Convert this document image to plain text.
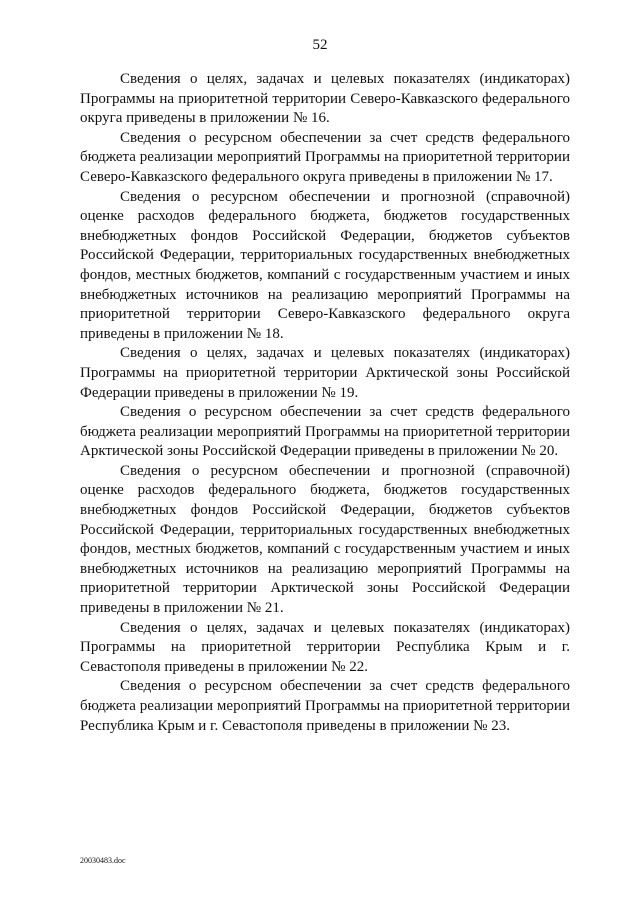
52

Сведения о целях, задачах и целевых показателях (индикаторах) Программы на приоритетной территории Северо-Кавказского федерального округа приведены в приложении № 16.

Сведения о ресурсном обеспечении за счет средств федерального бюджета реализации мероприятий Программы на приоритетной территории Северо-Кавказского федерального округа приведены в приложении № 17.

Сведения о ресурсном обеспечении и прогнозной (справочной) оценке расходов федерального бюджета, бюджетов государственных внебюджетных фондов Российской Федерации, бюджетов субъектов Российской Федерации, территориальных государственных внебюджетных фондов, местных бюджетов, компаний с государственным участием и иных внебюджетных источников на реализацию мероприятий Программы на приоритетной территории Северо-Кавказского федерального округа приведены в приложении № 18.

Сведения о целях, задачах и целевых показателях (индикаторах) Программы на приоритетной территории Арктической зоны Российской Федерации приведены в приложении № 19.

Сведения о ресурсном обеспечении за счет средств федерального бюджета реализации мероприятий Программы на приоритетной территории Арктической зоны Российской Федерации приведены в приложении № 20.

Сведения о ресурсном обеспечении и прогнозной (справочной) оценке расходов федерального бюджета, бюджетов государственных внебюджетных фондов Российской Федерации, бюджетов субъектов Российской Федерации, территориальных государственных внебюджетных фондов, местных бюджетов, компаний с государственным участием и иных внебюджетных источников на реализацию мероприятий Программы на приоритетной территории Арктической зоны Российской Федерации приведены в приложении № 21.

Сведения о целях, задачах и целевых показателях (индикаторах) Программы на приоритетной территории Республика Крым и г. Севастополя приведены в приложении № 22.

Сведения о ресурсном обеспечении за счет средств федерального бюджета реализации мероприятий Программы на приоритетной территории Республика Крым и г. Севастополя приведены в приложении № 23.

20030483.doc
